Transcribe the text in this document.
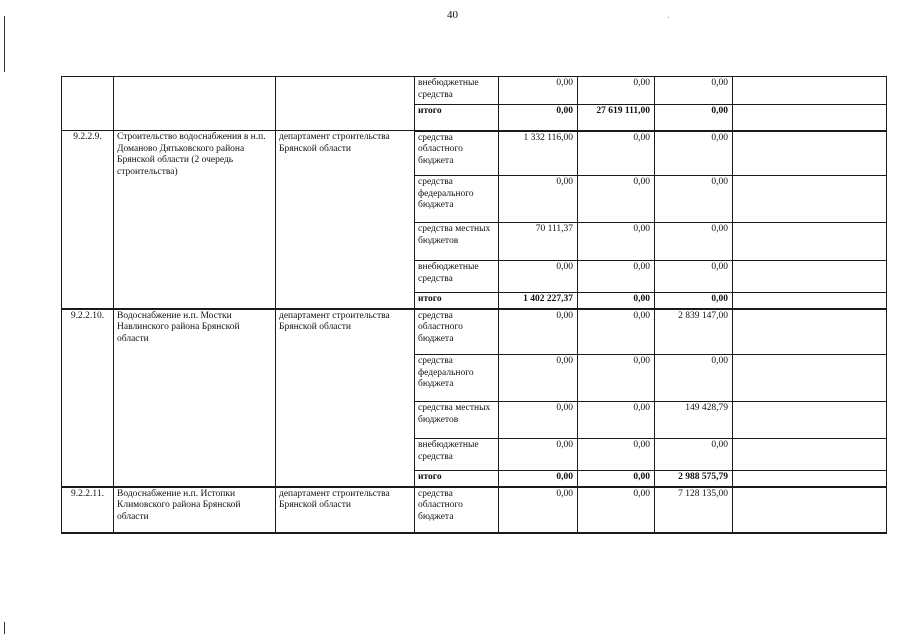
40
			внебюджетные средства	0,00	0,00	0,00	
			итого	0,00	27 619 111,00	0,00	
9.2.2.9.	Строительство водоснабжения в н.п. Доманово Дятьковского района Брянской области (2 очередь строительства)	департамент строительства Брянской области	средства областного бюджета	1 332 116,00	0,00	0,00	
			средства федерального бюджета	0,00	0,00	0,00	
			средства местных бюджетов	70 111,37	0,00	0,00	
			внебюджетные средства	0,00	0,00	0,00	
			итого	1 402 227,37	0,00	0,00	
9.2.2.10.	Водоснабжение н.п. Мостки Навлинского района Брянской области	департамент строительства Брянской области	средства областного бюджета	0,00	0,00	2 839 147,00	
			средства федерального бюджета	0,00	0,00	0,00	
			средства местных бюджетов	0,00	0,00	149 428,79	
			внебюджетные средства	0,00	0,00	0,00	
			итого	0,00	0,00	2 988 575,79	
9.2.2.11.	Водоснабжение н.п. Истопки Климовского района Брянской области	департамент строительства Брянской области	средства областного бюджета	0,00	0,00	7 128 135,00	
